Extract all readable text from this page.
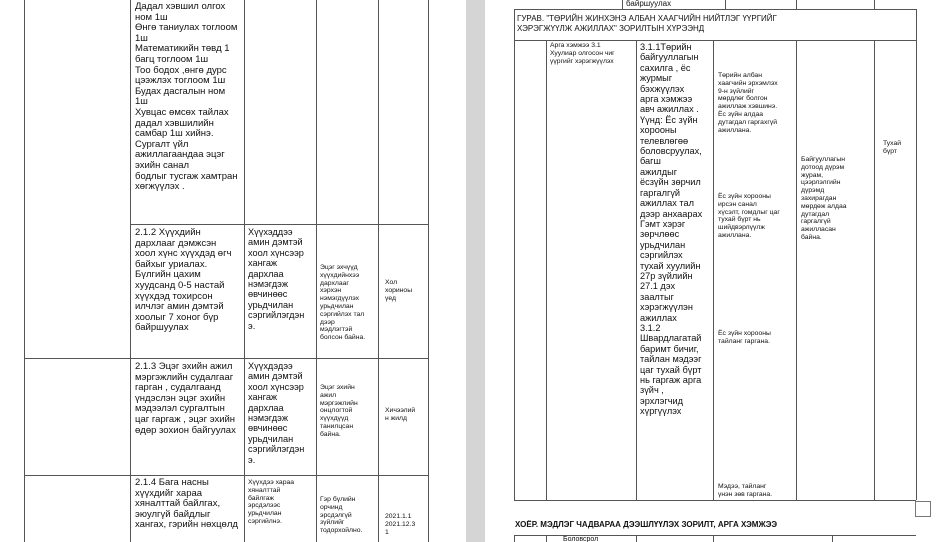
Дадал хэвшил олгох
ном 1ш
Өнгө таниулах тоглоом
1ш
Математикийн төвд 1
багц тоглоом 1ш
Тоо бодох ,өнгө дурс
цээжлэх тоглоом 1ш
Будах дасгалын ном
1ш
Хувцас өмсөх тайлах
дадал хэвшилийн
самбар 1ш хийнэ.
Сургалт үйл
ажиллагаандаа эцэг
эхийн санал
бодлыг тусгаж хамтран
хөгжүүлэх .
2.1.2 Хүүхдийн
дархлааг дэмжсэн
хоол хүнс хүүхдэд өгч
байхыг уриалах.
Бүлгийн цахим
хуудсанд 0-5 настай
хүүхдэд тохирсон
илчлэг амин дэмтэй
хоолыг 7 хоног бүр
байршуулах
Хүүхэддээ
амин дэмтэй
хоол хүнсээр
хангаж
дархлаа
нэмэгдэж
өвчинөөс
урьдчилан
сэргийлэгдэн
э.
Эцэг эхчүүд
хүүхдийнхээ
дархлааг
хэрхэн
нэмэгдүүлэх
урьдчилан
сэргийлэх тал
дээр
мэдлэгтэй
болсон байна.
Хол
хориноы
үед
2.1.3 Эцэг эхийн ажил
мэргэжлийн судалгааг
гарган , судалгаанд
үндэслэн эцэг эхийн
мэдээлэл сургалтын
цаг гаргаж , эцэг эхийн
өдөр зохион байгуулах
Хүүхдэдээ
амин дэмтэй
хоол хүнсээр
хангаж
дархлаа
нэмэгдэж
өвчинөөс
урьдчилан
сэргийлэгдэн
э.
Эцэг эхийн
ажил
мэргэжлийн
онцлогтой
хүүхдүүд
танилцсан
байна.
Хичээлий
н жилд
2.1.4 Бага насны
хүүхдийг хараа
хяналттай байлгах,
эюулгүй байдлыг
хангах, гэрийн нөхцөлд
Хүүхдээ хараа
хяналттай
байлгаж
эрсдэлээс
урьдчилан
сэргийлнэ.
Гэр бүлийн
орчинд
эрсдэлгүй
зүйлийг
тодорхойлно.
2021.1.1
2021.12.3
1
байршуулах
ГУРАВ. "ТӨРИЙН ЖИНХЭНЭ АЛБАН ХААГЧИЙН НИЙТЛЭГ ҮҮРГИЙГ
ХЭРЭГЖҮҮЛЖ АЖИЛЛАХ" ЗОРИЛТЫН ХҮРЭЭНД
Арга хэмжээ 3.1
Хуулиар олгосон чиг
үүргийг хэрэгжүүлэх
3.1.1Төрийн
байгууллагын
сахилга , ёс
журмыг
бэхжүүлэх
арга хэмжээ
авч ажиллах .
Үүнд: Ёс зүйн
хорооны
телевлөгөө
боловсруулах,
багш
ажилдыг
ёсзүйн зөрчил
гаргалгүй
ажиллах тал
дээр анхаарах
Гэмт хэрэг
зөрчлөөс
урьдчилан
сэргийлэх
тухай хуулийн
27р зүйлийн
27.1 дэх
заалтыг
хэрэгжүүлэн
ажиллах
3.1.2
Швардлагатай
баримт бичиг,
тайлан мэдээг
цаг тухай бүрт
нь гаргаж арга
зүйч ,
эрхлэгчид
хүргүүлэх
Төрийн албан
хаагчийн эрхэмлэх
9-н зүйлийг
мөрдлөг болгон
ажиллаж хэвшинэ.
Ёс зүйн алдаа
дутагдал гаргахгүй
ажиллана.
Ёс зүйн хорооны
ирсэн санал
хүсэлт, гомдлыг цаг
тухай бүрт нь
шийдвэрлүүлж
ажиллана.
Ёс зүйн хорооны
тайланг гаргана.
Мэдээ, тайланг
үнэн зөв гаргана.
Байгууллагын
дотоод дүрэм
журам,
цээрлэлгийн
дүрэмд
захирагдан
мөрдөж алдаа
дутагдал
гаргалгүй
ажилласан
байна.
Тухай
бүрт
ХОЁР. МЭДЛЭГ ЧАДВАРАА ДЭЭШЛҮҮЛЭХ ЗОРИЛТ, АРГА ХЭМЖЭЭ
Боловсрол
